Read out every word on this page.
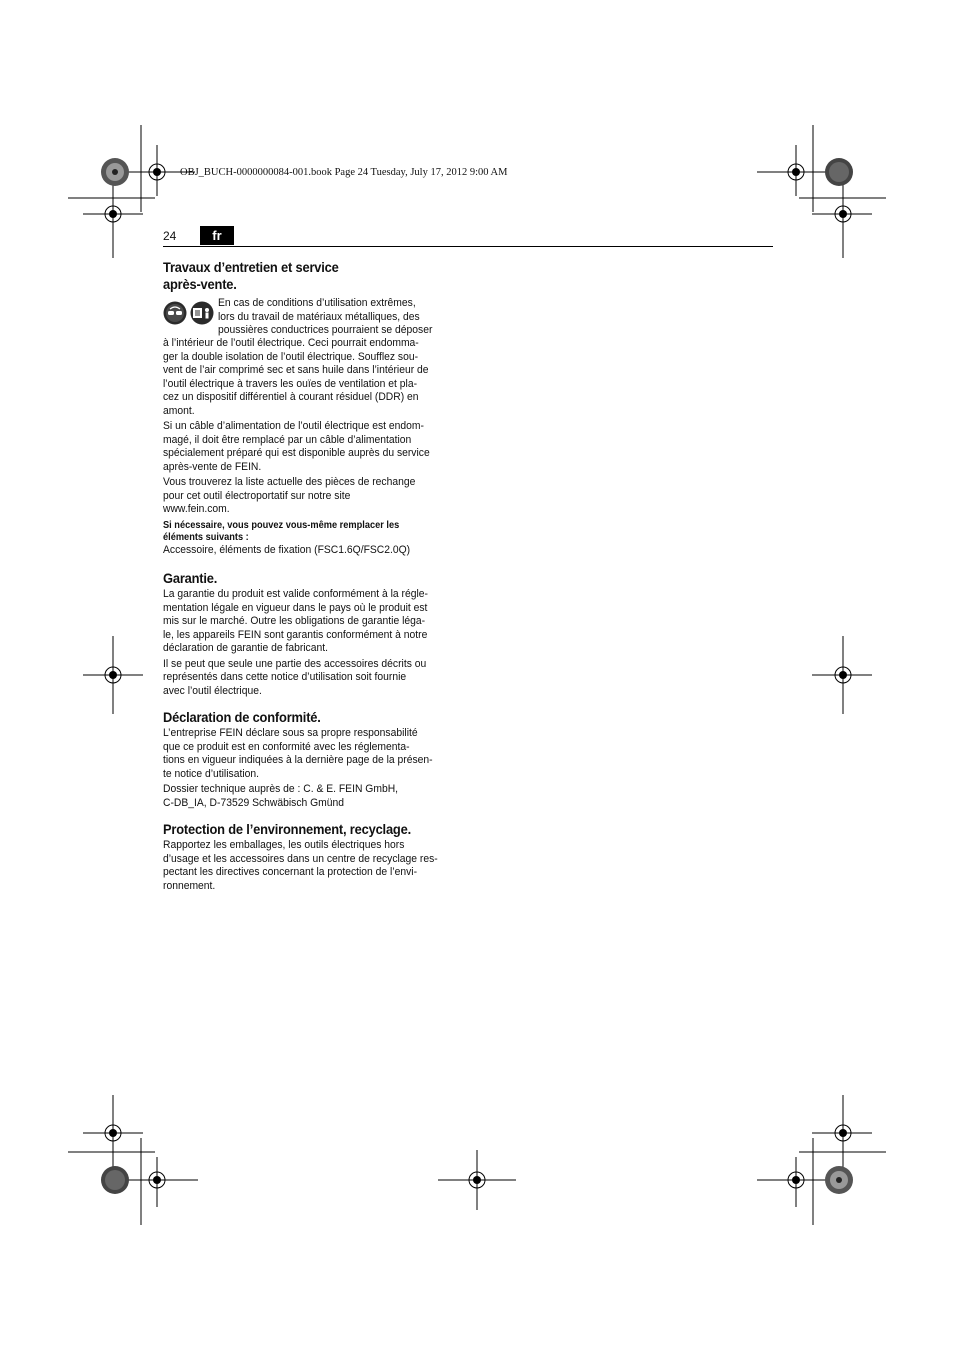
OBJ_BUCH-0000000084-001.book Page 24 Tuesday, July 17, 2012 9:00 AM
24	fr
Travaux d’entretien et service
après-vente.

En cas de conditions d’utilisation extrêmes,

lors du travail de matériaux métalliques, des

poussières conductrices pourraient se déposer

à l’intérieur de l’outil électrique. Ceci pourrait endomma-

ger la double isolation de l’outil électrique. Soufflez sou-

vent de l’air comprimé sec et sans huile dans l’intérieur de

l’outil électrique à travers les ouïes de ventilation et pla-

cez un dispositif différentiel à courant résiduel (DDR) en

amont.

Si un câble d’alimentation de l’outil électrique est endom-

magé, il doit être remplacé par un câble d’alimentation

spécialement préparé qui est disponible auprès du service

après-vente de FEIN.

Vous trouverez la liste actuelle des pièces de rechange

pour cet outil électroportatif sur notre site

www.fein.com.

Si nécessaire, vous pouvez vous-même remplacer les

éléments suivants :

Accessoire, éléments de fixation (FSC1.6Q/FSC2.0Q)

Garantie.

La garantie du produit est valide conformément à la régle-

mentation légale en vigueur dans le pays où le produit est

mis sur le marché. Outre les obligations de garantie léga-

le, les appareils FEIN sont garantis conformément à notre

déclaration de garantie de fabricant.

Il se peut que seule une partie des accessoires décrits ou

représentés dans cette notice d’utilisation soit fournie

avec l’outil électrique.

Déclaration de conformité.

L’entreprise FEIN déclare sous sa propre responsabilité

que ce produit est en conformité avec les réglementa-

tions en vigueur indiquées à la dernière page de la présen-

te notice d’utilisation.

Dossier technique auprès de : C. & E. FEIN GmbH,

C-DB_IA, D-73529 Schwäbisch Gmünd

Protection de l’environnement, recyclage.

Rapportez les emballages, les outils électriques hors

d’usage et les accessoires dans un centre de recyclage res-

pectant les directives concernant la protection de l’envi-

ronnement.
